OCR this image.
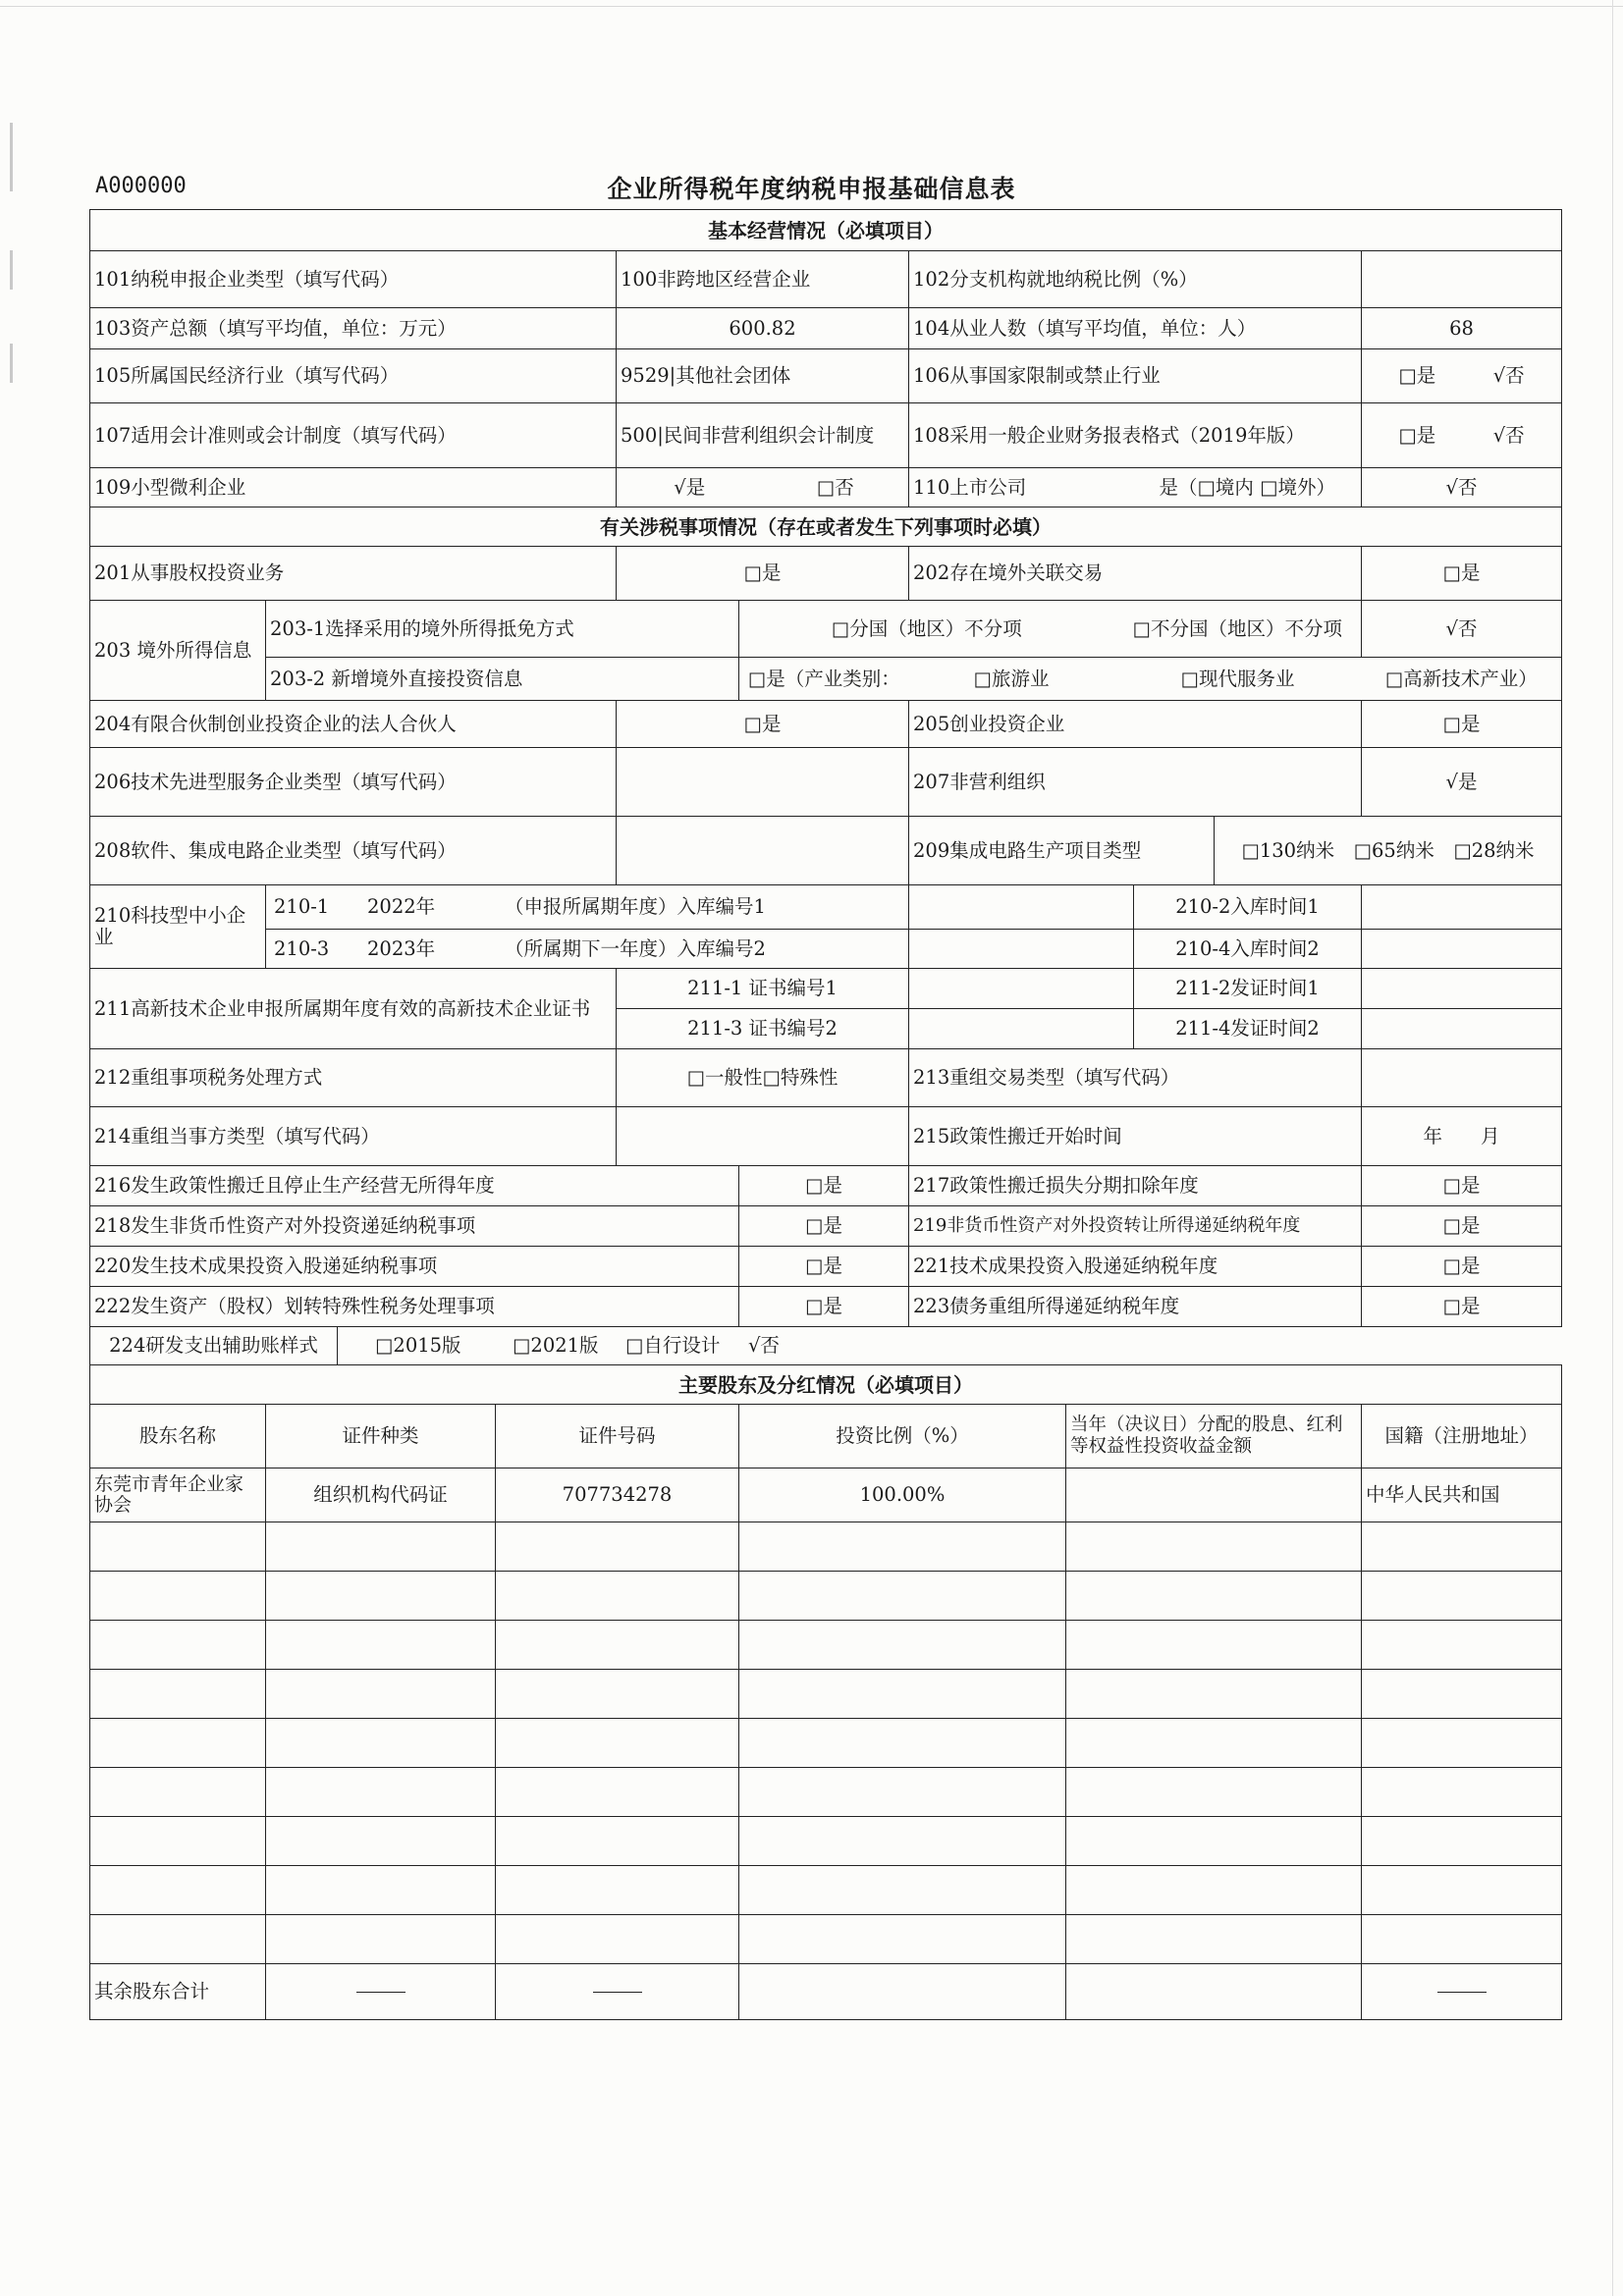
A000000	企业所得税年度纳税申报基础信息表
基本经营情况（必填项目）			
101纳税申报企业类型（填写代码）	100非跨地区经营企业	102分支机构就地纳税比例（%）	
103资产总额（填写平均值，单位：万元）	600.82	104从业人数（填写平均值，单位：人）	68
105所属国民经济行业（填写代码）	9529|其他社会团体	106从事国家限制或禁止行业	□是　　　√否
107适用会计准则或会计制度（填写代码）	500|民间非营利组织会计制度	108采用一般企业财务报表格式（2019年版）	□是　　　√否
109小型微利企业	√是	□否	110上市公司	是（□境内 □境外）	√否
有关涉税事项情况（存在或者发生下列事项时必填）
201从事股权投资业务	□是	202存在境外关联交易	□是
203 境外所得信息	203-1选择采用的境外所得抵免方式	□分国（地区）不分项		□不分国（地区）不分项	√否
	203-2 新增境外直接投资信息	□是（产业类别：	□旅游业	□现代服务业	□高新技术产业）
204有限合伙制创业投资企业的法人合伙人	□是	205创业投资企业		□是
206技术先进型服务企业类型（填写代码）		207非营利组织		√是
208软件、集成电路企业类型（填写代码）		209集成电路生产项目类型	□130纳米　□65纳米　□28纳米	
210科技型中小企业	210-1 2022年 （申报所属期年度）入库编号1			210-2入库时间1	
	210-3 2023年 （所属期下一年度）入库编号2			210-4入库时间2	
211高新技术企业申报所属期年度有效的高新技术企业证书		211-1 证书编号1		211-2发证时间1	
		211-3 证书编号2		211-4发证时间2	
212重组事项税务处理方式	□一般性□特殊性	213重组交易类型（填写代码）	
214重组当事方类型（填写代码）		215政策性搬迁开始时间	年　　月
216发生政策性搬迁且停止生产经营无所得年度	□是	217政策性搬迁损失分期扣除年度	□是
218发生非货币性资产对外投资递延纳税事项	□是	219非货币性资产对外投资转让所得递延纳税年度	□是
220发生技术成果投资入股递延纳税事项	□是	221技术成果投资入股递延纳税年度	□是
222发生资产（股权）划转特殊性税务处理事项	□是	223债务重组所得递延纳税年度	□是
224研发支出辅助账样式	□2015版	□2021版 □自行设计 √否
主要股东及分红情况（必填项目）					
股东名称	证件种类	证件号码	投资比例（%）	当年（决议日）分配的股息、红利等权益性投资收益金额	国籍（注册地址）
东莞市青年企业家协会	组织机构代码证	707734278	100.00%		中华人民共和国

其余股东合计					
